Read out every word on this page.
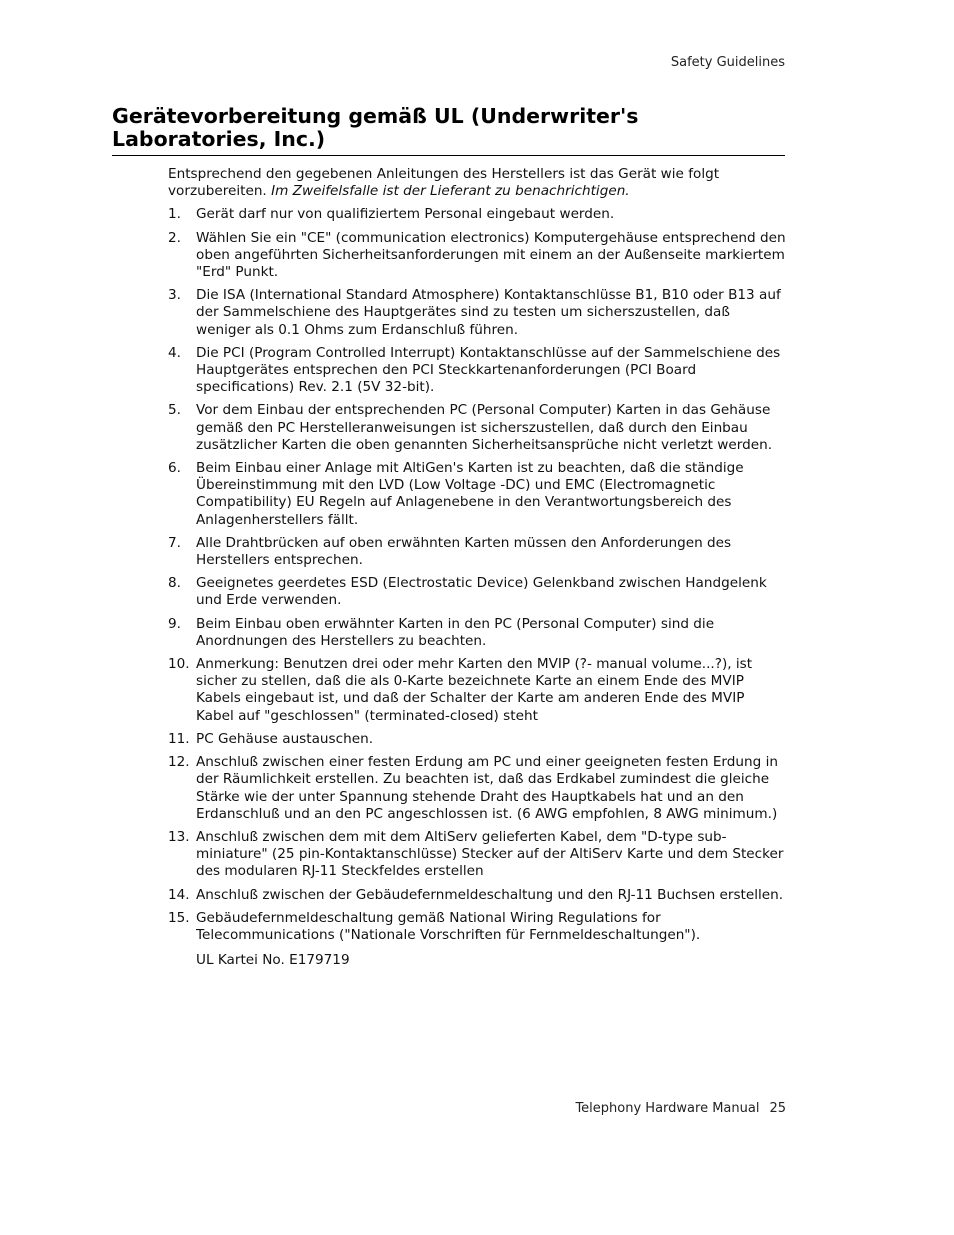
Safety Guidelines
Gerätevorbereitung gemäß UL (Underwriter's Laboratories, Inc.)

Entsprechend den gegebenen Anleitungen des Herstellers ist das Gerät wie folgt vorzubereiten. Im Zweifelsfalle ist der Lieferant zu benachrichtigen.

1. Gerät darf nur von qualifiziertem Personal eingebaut werden.
2. Wählen Sie ein "CE" (communication electronics) Komputergehäuse entsprechend den oben angeführten Sicherheitsanforderungen mit einem an der Außenseite markiertem "Erd" Punkt.
3. Die ISA (International Standard Atmosphere) Kontaktanschlüsse B1, B10 oder B13 auf der Sammelschiene des Hauptgerätes sind zu testen um sicherszustellen, daß weniger als 0.1 Ohms zum Erdanschluß führen.
4. Die PCI (Program Controlled Interrupt) Kontaktanschlüsse auf der Sammelschiene des Hauptgerätes entsprechen den PCI Steckkartenanforderungen (PCI Board specifications) Rev. 2.1 (5V 32-bit).
5. Vor dem Einbau der entsprechenden PC (Personal Computer) Karten in das Gehäuse gemäß den PC Herstelleranweisungen ist sicherszustellen, daß durch den Einbau zusätzlicher Karten die oben genannten Sicherheitsansprüche nicht verletzt werden.
6. Beim Einbau einer Anlage mit AltiGen's Karten ist zu beachten, daß die ständige Übereinstimmung mit den LVD (Low Voltage -DC) und EMC (Electromagnetic Compatibility) EU Regeln auf Anlagenebene in den Verantwortungsbereich des Anlagenherstellers fällt.
7. Alle Drahtbrücken auf oben erwähnten Karten müssen den Anforderungen des Herstellers entsprechen.
8. Geeignetes geerdetes ESD (Electrostatic Device) Gelenkband zwischen Handgelenk und Erde verwenden.
9. Beim Einbau oben erwähnter Karten in den PC (Personal Computer) sind die Anordnungen des Herstellers zu beachten.
10. Anmerkung: Benutzen drei oder mehr Karten den MVIP (?- manual volume...?), ist sicher zu stellen, daß die als 0-Karte bezeichnete Karte an einem Ende des MVIP Kabels eingebaut ist, und daß der Schalter der Karte am anderen Ende des MVIP Kabel auf "geschlossen" (terminated-closed) steht
11. PC Gehäuse austauschen.
12. Anschluß zwischen einer festen Erdung am PC und einer geeigneten festen Erdung in der Räumlichkeit erstellen. Zu beachten ist, daß das Erdkabel zumindest die gleiche Stärke wie der unter Spannung stehende Draht des Hauptkabels hat und an den Erdanschluß und an den PC angeschlossen ist. (6 AWG empfohlen, 8 AWG minimum.)
13. Anschluß zwischen dem mit dem AltiServ gelieferten Kabel, dem "D-type sub-miniature" (25 pin-Kontaktanschlüsse) Stecker auf der AltiServ Karte und dem Stecker des modularen RJ-11 Steckfeldes erstellen
14. Anschluß zwischen der Gebäudefernmeldeschaltung und den RJ-11 Buchsen erstellen.
15. Gebäudefernmeldeschaltung gemäß National Wiring Regulations for Telecommunications ("Nationale Vorschriften für Fernmeldeschaltungen").

UL Kartei No. E179719

Telephony Hardware Manual 25
